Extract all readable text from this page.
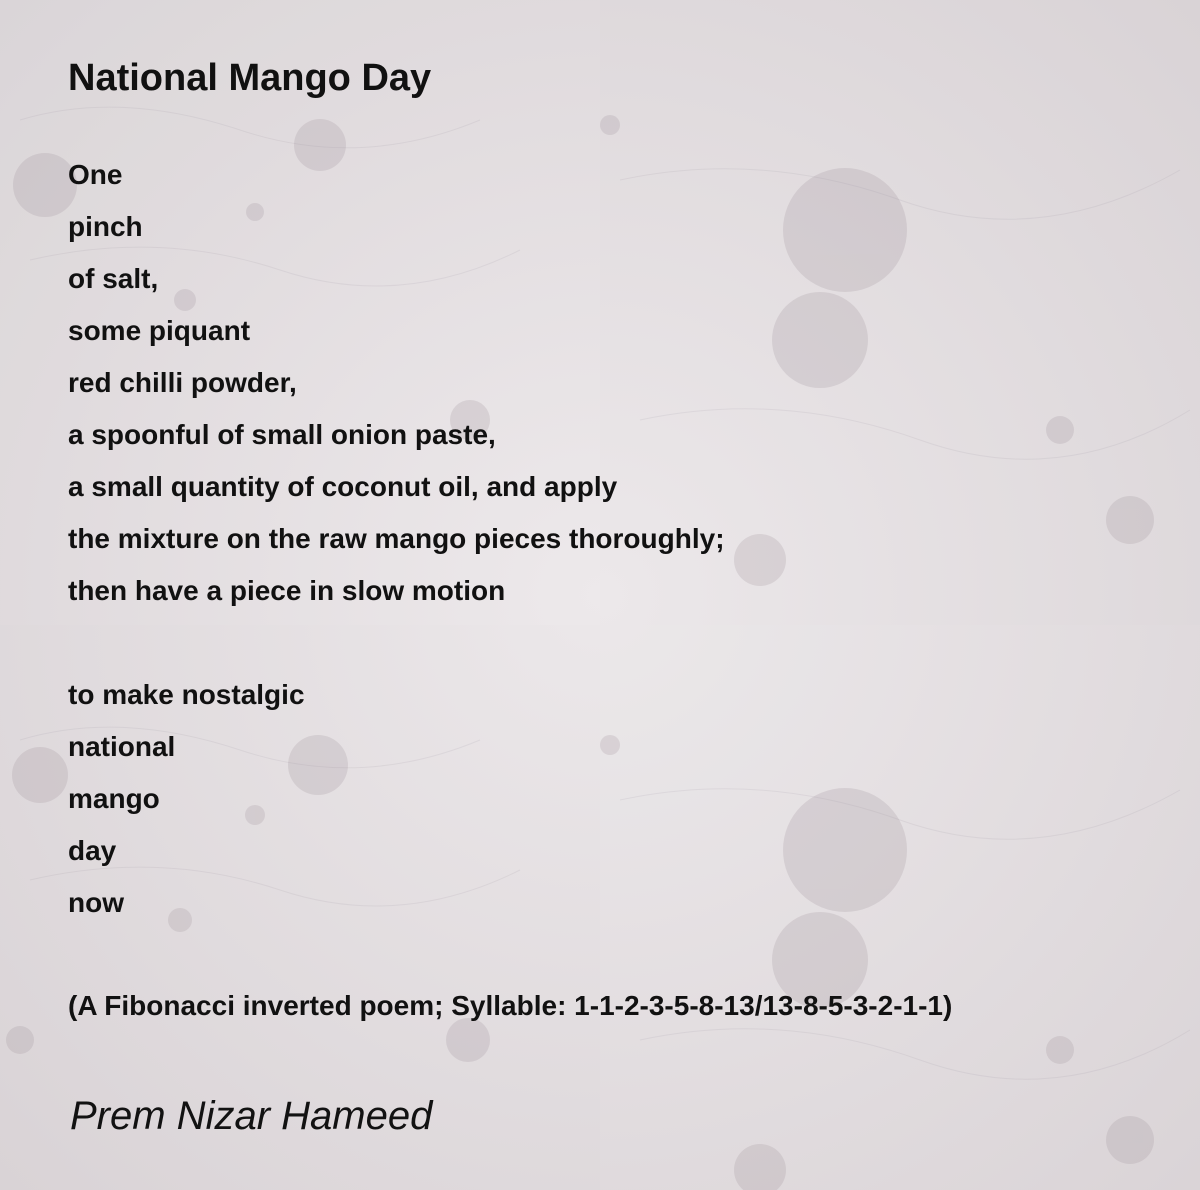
National Mango Day
One
pinch
of salt,
some piquant
red chilli powder,
a spoonful of small onion paste,
a small quantity of coconut oil, and apply
the mixture on the raw mango pieces thoroughly;
then have a piece in slow motion
to make nostalgic
national
mango
day
now
(A Fibonacci inverted poem; Syllable: 1-1-2-3-5-8-13/13-8-5-3-2-1-1)
Prem Nizar Hameed
